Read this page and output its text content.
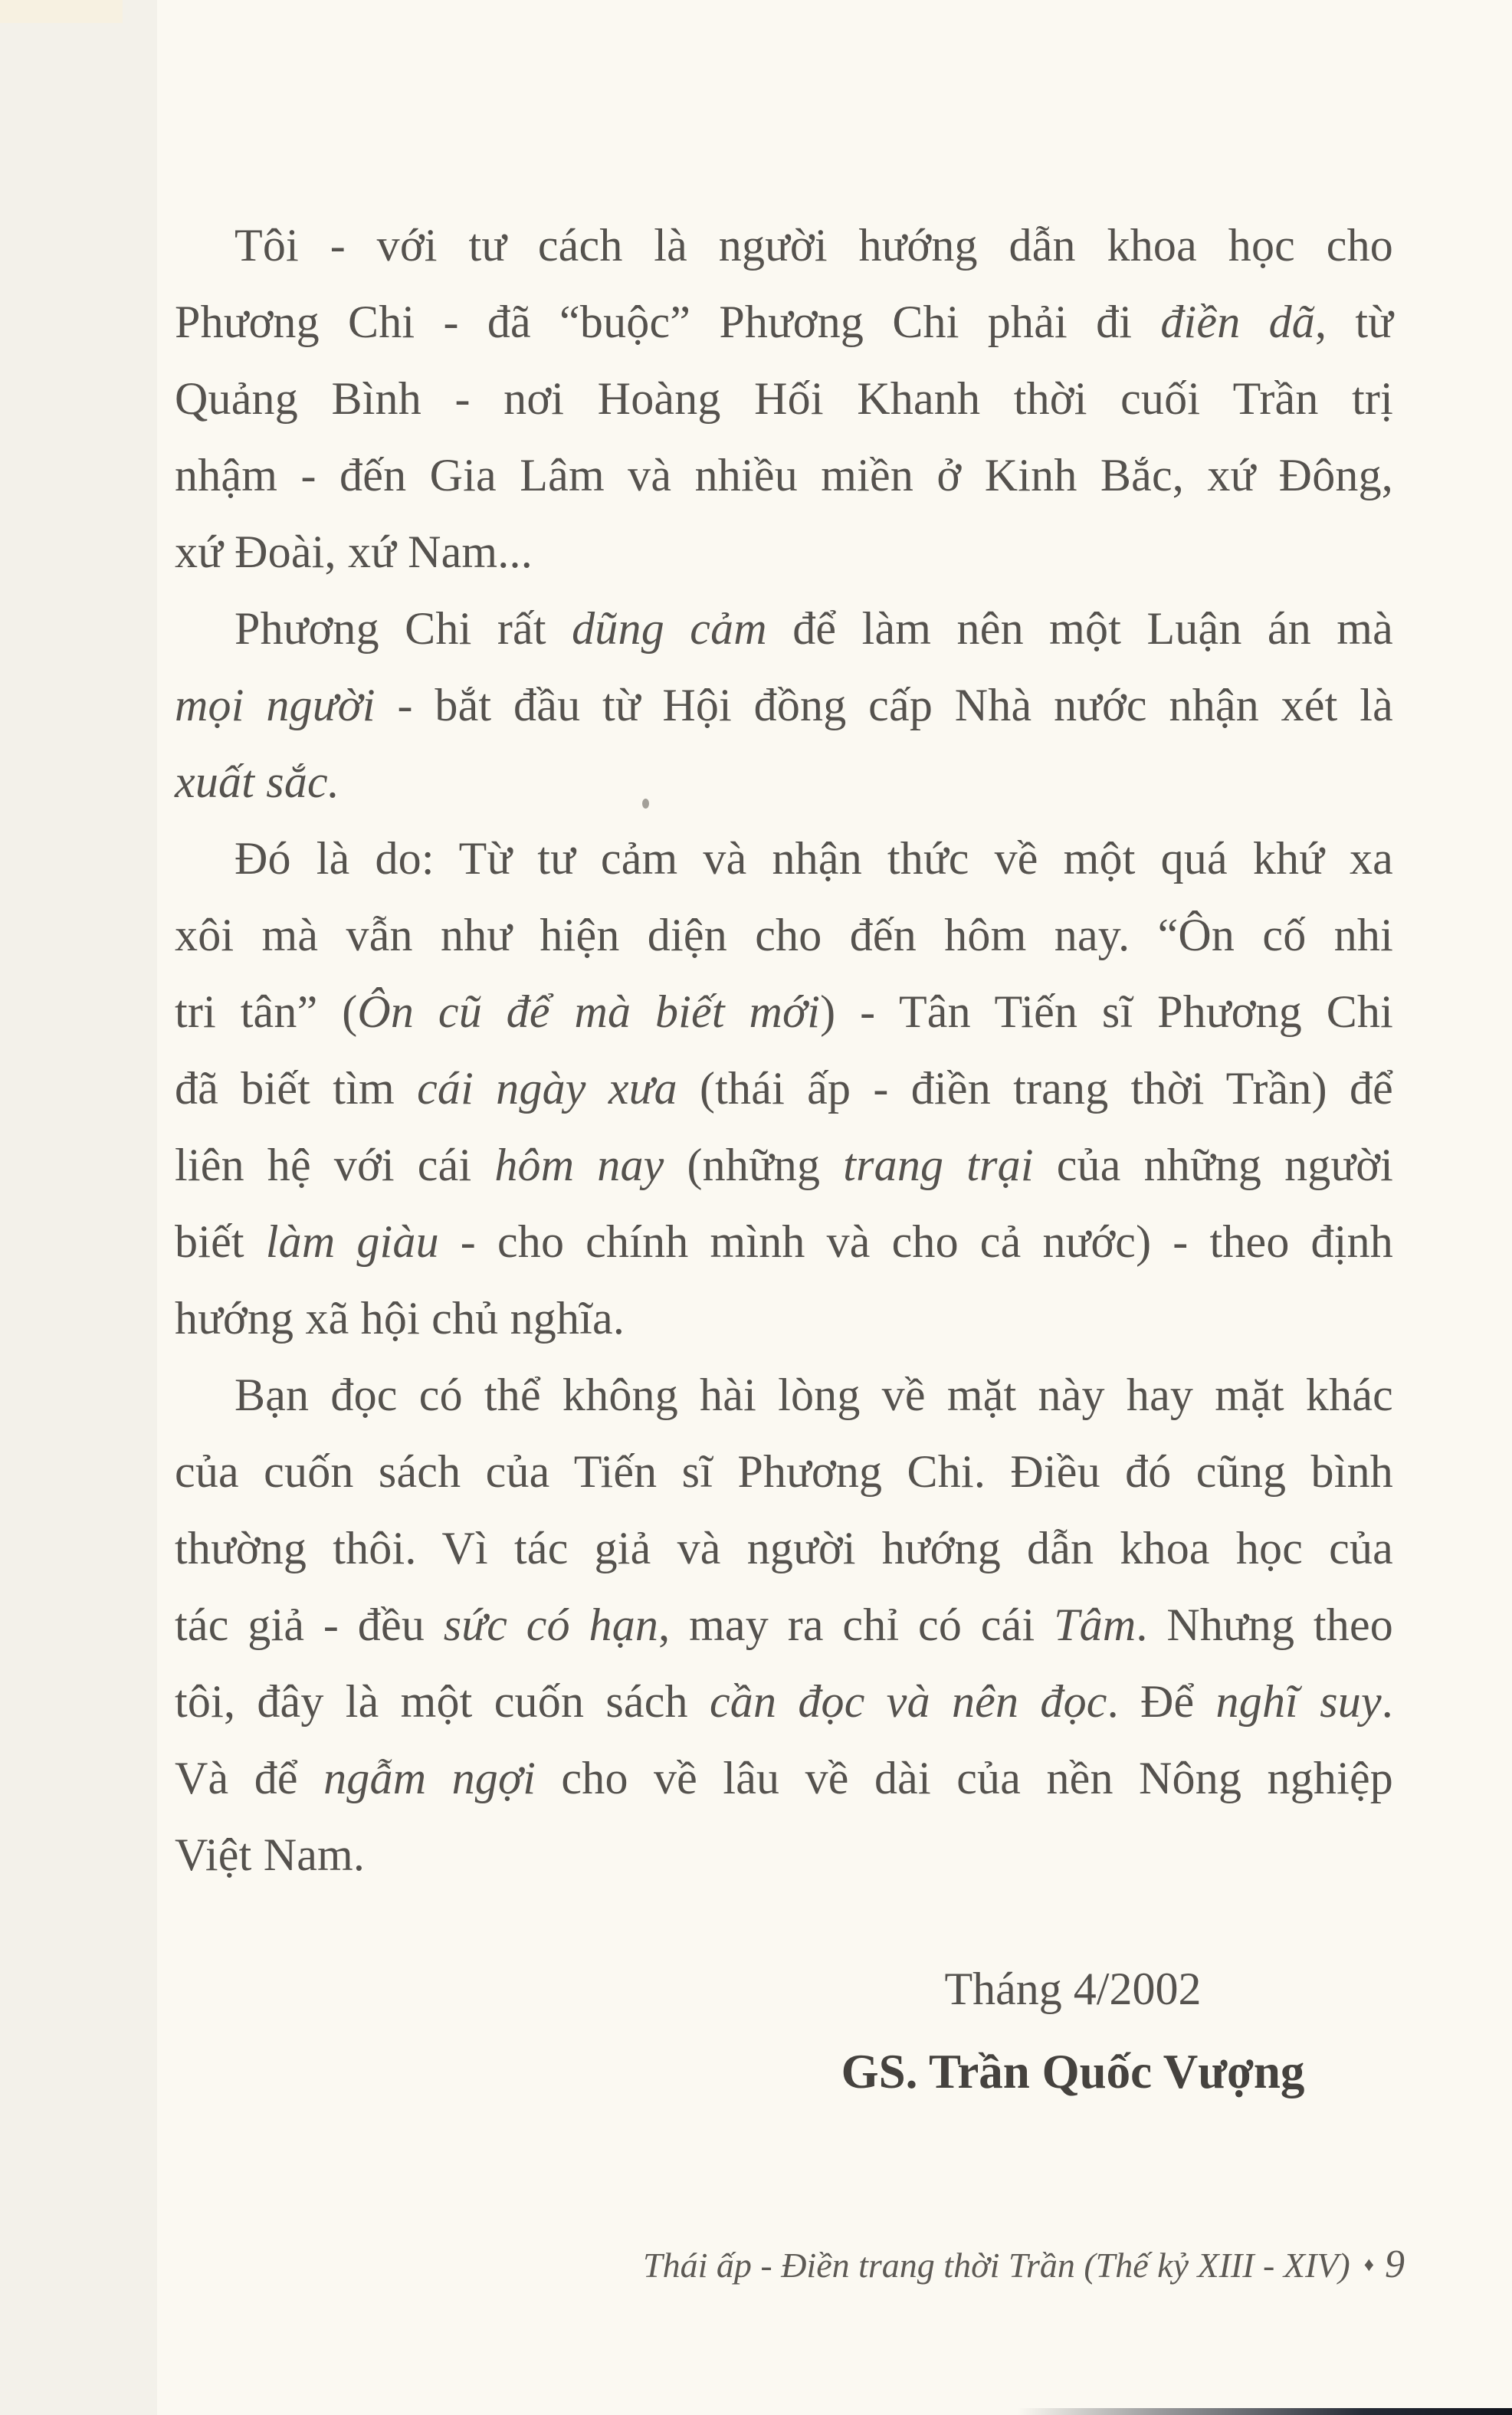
Tôi - với tư cách là người hướng dẫn khoa học cho
Phương Chi - đã “buộc” Phương Chi phải đi điền dã, từ
Quảng Bình - nơi Hoàng Hối Khanh thời cuối Trần trị
nhậm - đến Gia Lâm và nhiều miền ở Kinh Bắc, xứ Đông,
xứ Đoài, xứ Nam...
Phương Chi rất dũng cảm để làm nên một Luận án mà
mọi người - bắt đầu từ Hội đồng cấp Nhà nước nhận xét là
xuất sắc.
Đó là do: Từ tư cảm và nhận thức về một quá khứ xa
xôi mà vẫn như hiện diện cho đến hôm nay. “Ôn cố nhi
tri tân” (Ôn cũ để mà biết mới) - Tân Tiến sĩ Phương Chi
đã biết tìm cái ngày xưa (thái ấp - điền trang thời Trần) để
liên hệ với cái hôm nay (những trang trại của những người
biết làm giàu - cho chính mình và cho cả nước) - theo định
hướng xã hội chủ nghĩa.
Bạn đọc có thể không hài lòng về mặt này hay mặt khác
của cuốn sách của Tiến sĩ Phương Chi. Điều đó cũng bình
thường thôi. Vì tác giả và người hướng dẫn khoa học của
tác giả - đều sức có hạn, may ra chỉ có cái Tâm. Nhưng theo
tôi, đây là một cuốn sách cần đọc và nên đọc. Để nghĩ suy.
Và để ngẫm ngợi cho về lâu về dài của nền Nông nghiệp
Việt Nam.
Tháng 4/2002
GS. Trần Quốc Vượng
Thái ấp - Điền trang thời Trần (Thế kỷ XIII - XIV) ♦ 9
